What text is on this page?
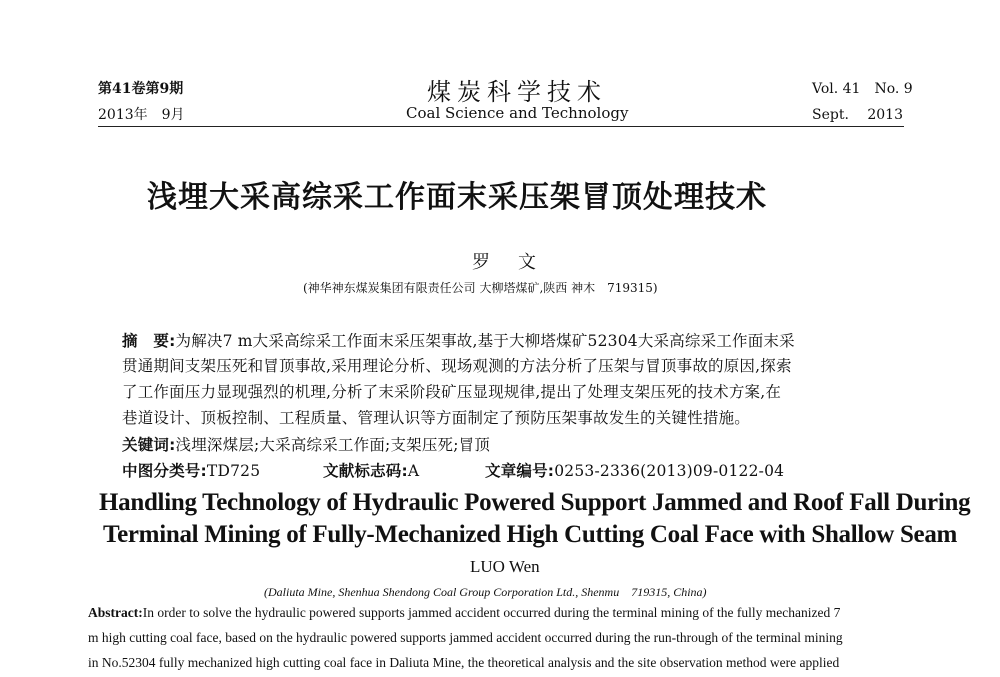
第41卷第9期
2013年　9月
煤炭科学技术
Coal Science and Technology
Vol. 41　No. 9
Sept.　 2013
浅埋大采高综采工作面末采压架冒顶处理技术
罗文
(神华神东煤炭集团有限责任公司 大柳塔煤矿,陕西 神木　719315)
摘　要:为解决7 m大采高综采工作面末采压架事故,基于大柳塔煤矿52304大采高综采工作面末采
贯通期间支架压死和冒顶事故,采用理论分析、现场观测的方法分析了压架与冒顶事故的原因,探索
了工作面压力显现强烈的机理,分析了末采阶段矿压显现规律,提出了处理支架压死的技术方案,在
巷道设计、顶板控制、工程质量、管理认识等方面制定了预防压架事故发生的关键性措施。
关键词:浅埋深煤层;大采高综采工作面;支架压死;冒顶
中图分类号:TD725	文献标志码:A	文章编号:0253-2336(2013)09-0122-04
Handling Technology of Hydraulic Powered Support Jammed and Roof Fall During
Terminal Mining of Fully-Mechanized High Cutting Coal Face with Shallow Seam
LUO Wen
(Daliuta Mine, Shenhua Shendong Coal Group Corporation Ltd., Shenmu　719315, China)
Abstract:In order to solve the hydraulic powered supports jammed accident occurred during the terminal mining of the fully mechanized 7
m high cutting coal face, based on the hydraulic powered supports jammed accident occurred during the run-through of the terminal mining
in No.52304 fully mechanized high cutting coal face in Daliuta Mine, the theoretical analysis and the site observation method were applied
